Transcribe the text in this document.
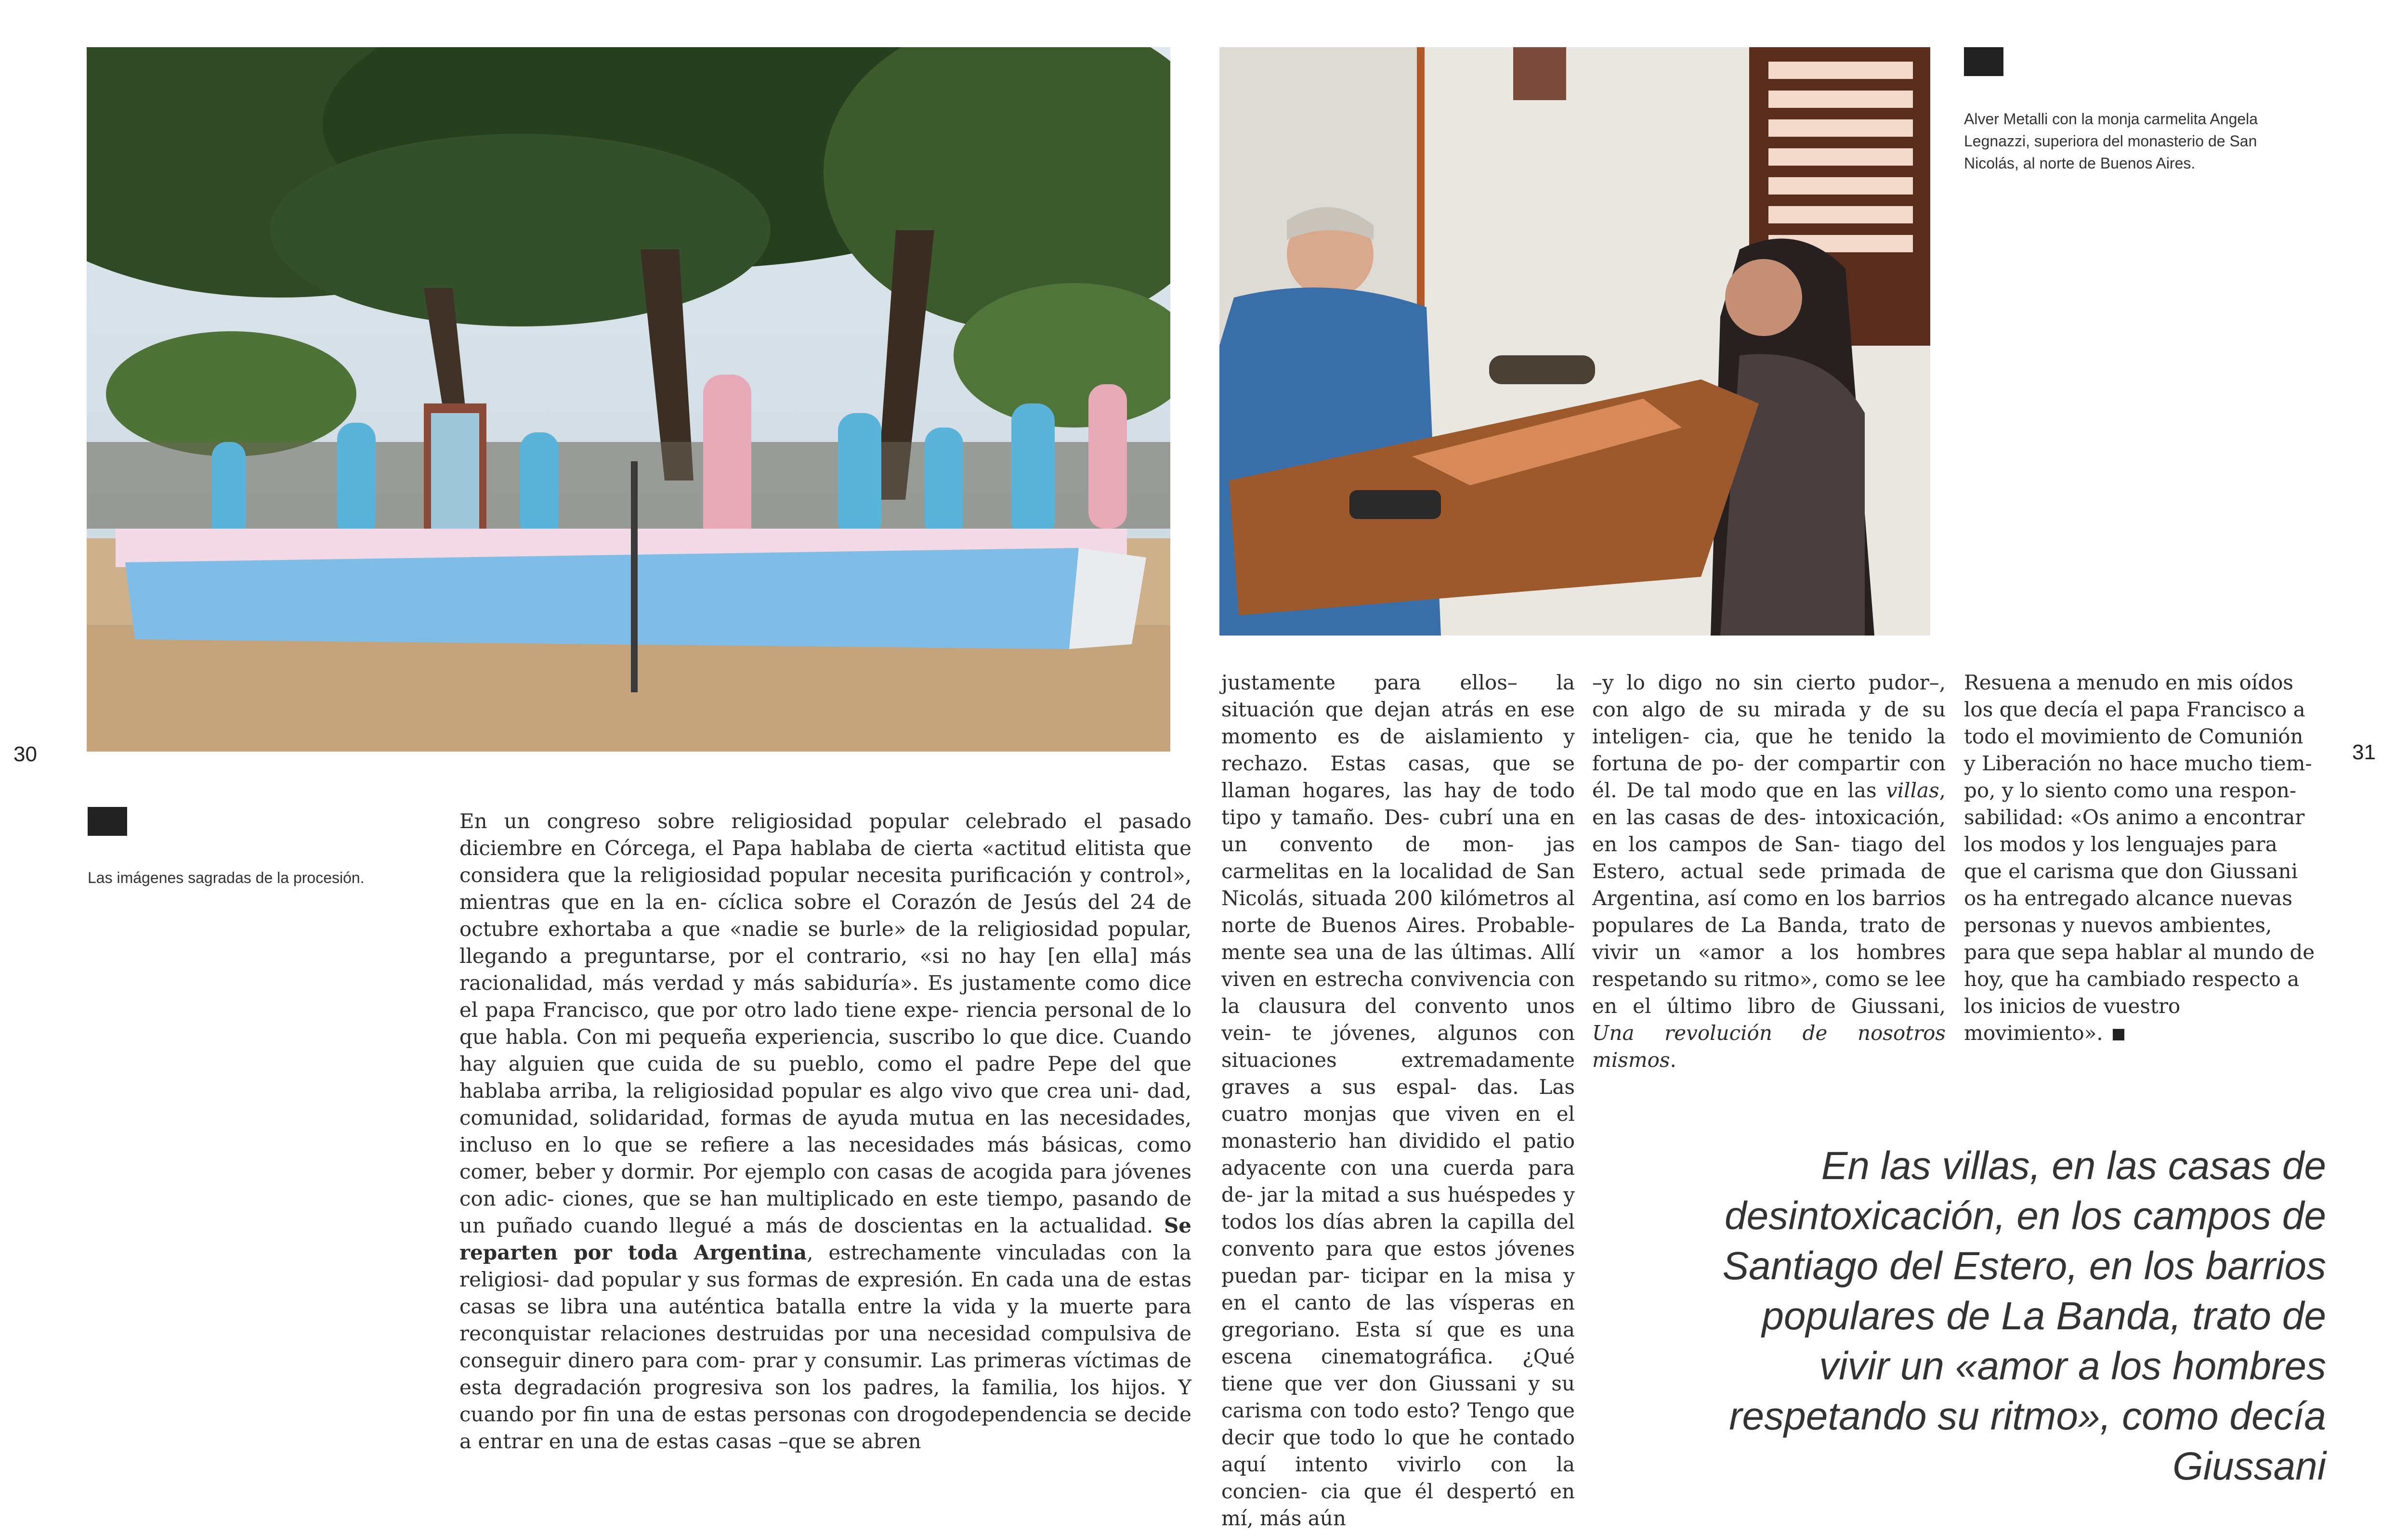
30	31
Las imágenes sagradas de la procesión.
Alver Metalli con la monja carmelita Angela Legnazzi, superiora del monasterio de San Nicolás, al norte de Buenos Aires.

En un congreso sobre religiosidad popular celebrado el pasado diciembre en Córcega, el Papa hablaba de cierta «actitud elitista que considera que la religiosidad popular necesita purificación y control», mientras que en la en- cíclica sobre el Corazón de Jesús del 24 de octubre exhortaba a que «nadie se burle» de la religiosidad popular, llegando a preguntarse, por el contrario, «si no hay [en ella] más racionalidad, más verdad y más sabiduría». Es justamente como dice el papa Francisco, que por otro lado tiene expe- riencia personal de lo que habla. Con mi pequeña experiencia, suscribo lo que dice. Cuando hay alguien que cuida de su pueblo, como el padre Pepe del que hablaba arriba, la religiosidad popular es algo vivo que crea uni- dad, comunidad, solidaridad, formas de ayuda mutua en las necesidades, incluso en lo que se refiere a las necesidades más básicas, como comer, beber y dormir. Por ejemplo con casas de acogida para jóvenes con adic- ciones, que se han multiplicado en este tiempo, pasando de un puñado cuando llegué a más de doscientas en la actualidad. Se reparten por toda Argentina, estrechamente vinculadas con la religiosi- dad popular y sus formas de expresión. En cada una de estas casas se libra una auténtica batalla entre la vida y la muerte para reconquistar relaciones destruidas por una necesidad compulsiva de conseguir dinero para com- prar y consumir. Las primeras víctimas de esta degradación progresiva son los padres, la familia, los hijos. Y cuando por fin una de estas personas con drogodependencia se decide a entrar en una de estas casas –que se abren

justamente para ellos– la situación que dejan atrás en ese momento es de aislamiento y rechazo. Estas casas, que se llaman hogares, las hay de todo tipo y tamaño. Des- cubrí una en un convento de mon- jas carmelitas en la localidad de San Nicolás, situada 200 kilómetros al norte de Buenos Aires. Probable- mente sea una de las últimas. Allí viven en estrecha convivencia con la clausura del convento unos vein- te jóvenes, algunos con situaciones extremadamente graves a sus espal- das. Las cuatro monjas que viven en el monasterio han dividido el patio adyacente con una cuerda para de- jar la mitad a sus huéspedes y todos los días abren la capilla del convento para que estos jóvenes puedan par- ticipar en la misa y en el canto de las vísperas en gregoriano. Esta sí que es una escena cinematográfica. ¿Qué tiene que ver don Giussani y su carisma con todo esto? Tengo que decir que todo lo que he contado aquí intento vivirlo con la concien- cia que él despertó en mí, más aún

–y lo digo no sin cierto pudor–, con algo de su mirada y de su inteligen- cia, que he tenido la fortuna de po- der compartir con él. De tal modo que en las villas, en las casas de des- intoxicación, en los campos de San- tiago del Estero, actual sede primada de Argentina, así como en los barrios populares de La Banda, trato de vivir un «amor a los hombres respetando su ritmo», como se lee en el último libro de Giussani, Una revolución de nosotros mismos.

Resuena a menudo en mis oídos los que decía el papa Francisco a todo el movimiento de Comunión y Liberación no hace mucho tiem- po, y lo siento como una respon- sabilidad: «Os animo a encontrar los modos y los lenguajes para que el carisma que don Giussani os ha entregado alcance nuevas personas y nuevos ambientes, para que sepa hablar al mundo de hoy, que ha cambiado respecto a los inicios de vuestro movimiento».

En las villas, en las casas de desintoxicación, en los campos de Santiago del Estero, en los barrios populares de La Banda, trato de vivir un «amor a los hombres respetando su ritmo», como decía Giussani
